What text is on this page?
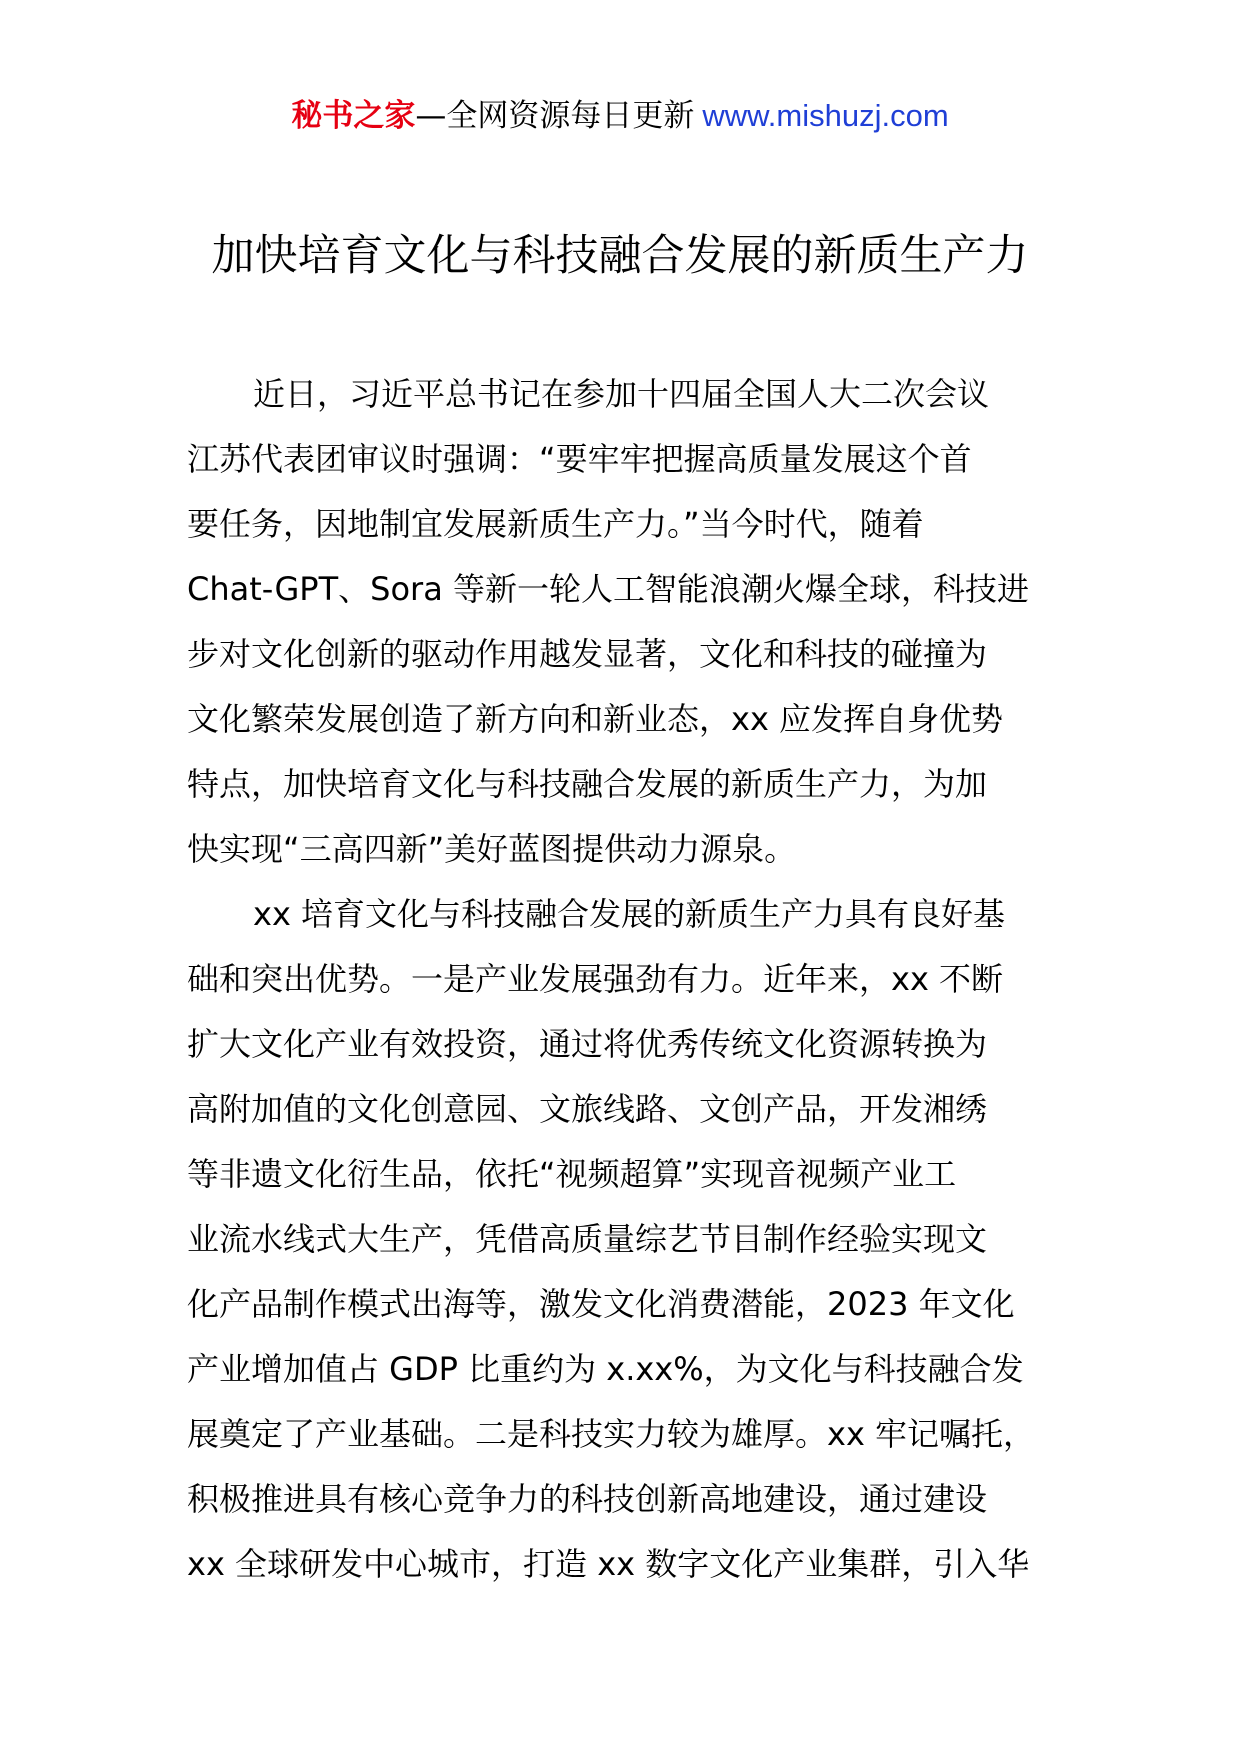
秘书之家—全网资源每日更新 www.mishuzj.com
加快培育文化与科技融合发展的新质生产力
近日，习近平总书记在参加十四届全国人大二次会议
江苏代表团审议时强调：“要牢牢把握高质量发展这个首
要任务，因地制宜发展新质生产力。”当今时代，随着
Chat-GPT、Sora 等新一轮人工智能浪潮火爆全球，科技进
步对文化创新的驱动作用越发显著，文化和科技的碰撞为
文化繁荣发展创造了新方向和新业态，xx 应发挥自身优势
特点，加快培育文化与科技融合发展的新质生产力，为加
快实现“三高四新”美好蓝图提供动力源泉。
xx 培育文化与科技融合发展的新质生产力具有良好基
础和突出优势。一是产业发展强劲有力。近年来，xx 不断
扩大文化产业有效投资，通过将优秀传统文化资源转换为
高附加值的文化创意园、文旅线路、文创产品，开发湘绣
等非遗文化衍生品，依托“视频超算”实现音视频产业工
业流水线式大生产，凭借高质量综艺节目制作经验实现文
化产品制作模式出海等，激发文化消费潜能，2023 年文化
产业增加值占 GDP 比重约为 x.xx%，为文化与科技融合发
展奠定了产业基础。二是科技实力较为雄厚。xx 牢记嘱托，
积极推进具有核心竞争力的科技创新高地建设，通过建设
xx 全球研发中心城市，打造 xx 数字文化产业集群，引入华
